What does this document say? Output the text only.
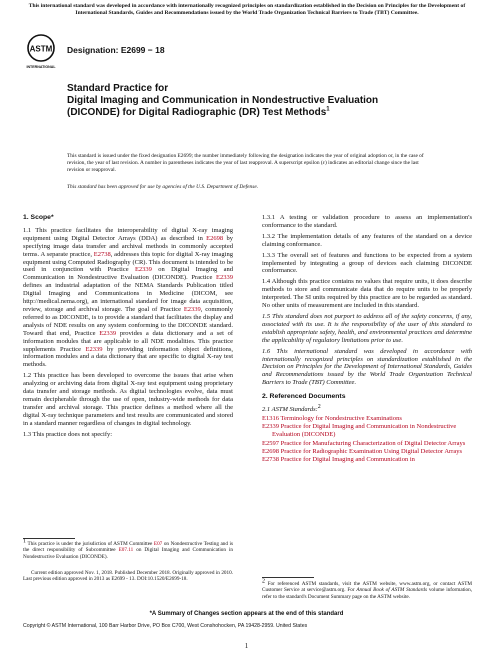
This international standard was developed in accordance with internationally recognized principles on standardization established in the Decision on Principles for the Development of International Standards, Guides and Recommendations issued by the World Trade Organization Technical Barriers to Trade (TBT) Committee.
ASTM
INTERNATIONAL
Designation: E2699 − 18
Standard Practice for
Digital Imaging and Communication in Nondestructive Evaluation (DICONDE) for Digital Radiographic (DR) Test Methods$^1$

This standard is issued under the fixed designation E2699; the number immediately following the designation indicates the year of original adoption or, in the case of revision, the year of last revision. A number in parentheses indicates the year of last reapproval. A superscript epsilon (ε) indicates an editorial change since the last revision or reapproval.

This standard has been approved for use by agencies of the U.S. Department of Defense.

1. Scope*

1.1 This practice facilitates the interoperability of digital X-ray imaging equipment using Digital Detector Arrays (DDA) as described in E2698 by specifying image data transfer and archival methods in commonly accepted terms. A separate practice, E2738, addresses this topic for digital X-ray imaging equipment using Computed Radiography (CR). This document is intended to be used in conjunction with Practice E2339 on Digital Imaging and Communication in Nondestructive Evaluation (DICONDE). Practice E2339 defines an industrial adaptation of the NEMA Standards Publication titled Digital Imaging and Communications in Medicine (DICOM, see http://medical.nema.org), an international standard for image data acquisition, review, storage and archival storage. The goal of Practice E2339, commonly referred to as DICONDE, is to provide a standard that facilitates the display and analysis of NDE results on any system conforming to the DICONDE standard. Toward that end, Practice E2339 provides a data dictionary and a set of information modules that are applicable to all NDE modalities. This practice supplements Practice E2339 by providing information object definitions, information modules and a data dictionary that are specific to digital X-ray test methods.

1.2 This practice has been developed to overcome the issues that arise when analyzing or archiving data from digital X-ray test equipment using proprietary data transfer and storage methods. As digital technologies evolve, data must remain decipherable through the use of open, industry-wide methods for data transfer and archival storage. This practice defines a method where all the digital X-ray technique parameters and test results are communicated and stored in a standard manner regardless of changes in digital technology.

1.3 This practice does not specify:

1.3.1 A testing or validation procedure to assess an implementation's conformance to the standard.

1.3.2 The implementation details of any features of the standard on a device claiming conformance.

1.3.3 The overall set of features and functions to be expected from a system implemented by integrating a group of devices each claiming DICONDE conformance.

1.4 Although this practice contains no values that require units, it does describe methods to store and communicate data that do require units to be properly interpreted. The SI units required by this practice are to be regarded as standard. No other units of measurement are included in this standard.

1.5 This standard does not purport to address all of the safety concerns, if any, associated with its use. It is the responsibility of the user of this standard to establish appropriate safety, health, and environmental practices and determine the applicability of regulatory limitations prior to use.

1.6 This international standard was developed in accordance with internationally recognized principles on standardization established in the Decision on Principles for the Development of International Standards, Guides and Recommendations issued by the World Trade Organization Technical Barriers to Trade (TBT) Committee.

2. Referenced Documents

2.1 ASTM Standards:2

E1316 Terminology for Nondestructive Examinations
E2339 Practice for Digital Imaging and Communication in Nondestructive Evaluation (DICONDE)
E2597 Practice for Manufacturing Characterization of Digital Detector Arrays
E2698 Practice for Radiographic Examination Using Digital Detector Arrays
E2738 Practice for Digital Imaging and Communication in

1 This practice is under the jurisdiction of ASTM Committee E07 on Nondestructive Testing and is the direct responsibility of Subcommittee E07.11 on Digital Imaging and Communication in Nondestructive Evaluation (DICONDE).

Current edition approved Nov. 1, 2018. Published December 2018. Originally approved in 2010. Last previous edition approved in 2013 as E2699 - 13. DOI:10.1520/E2699-18.	2 For referenced ASTM standards, visit the ASTM website, www.astm.org, or contact ASTM Customer Service at service@astm.org. For Annual Book of ASTM Standards volume information, refer to the standard's Document Summary page on the ASTM website.

*A Summary of Changes section appears at the end of this standard
Copyright © ASTM International, 100 Barr Harbor Drive, PO Box C700, West Conshohocken, PA 19428-2959. United States
1
